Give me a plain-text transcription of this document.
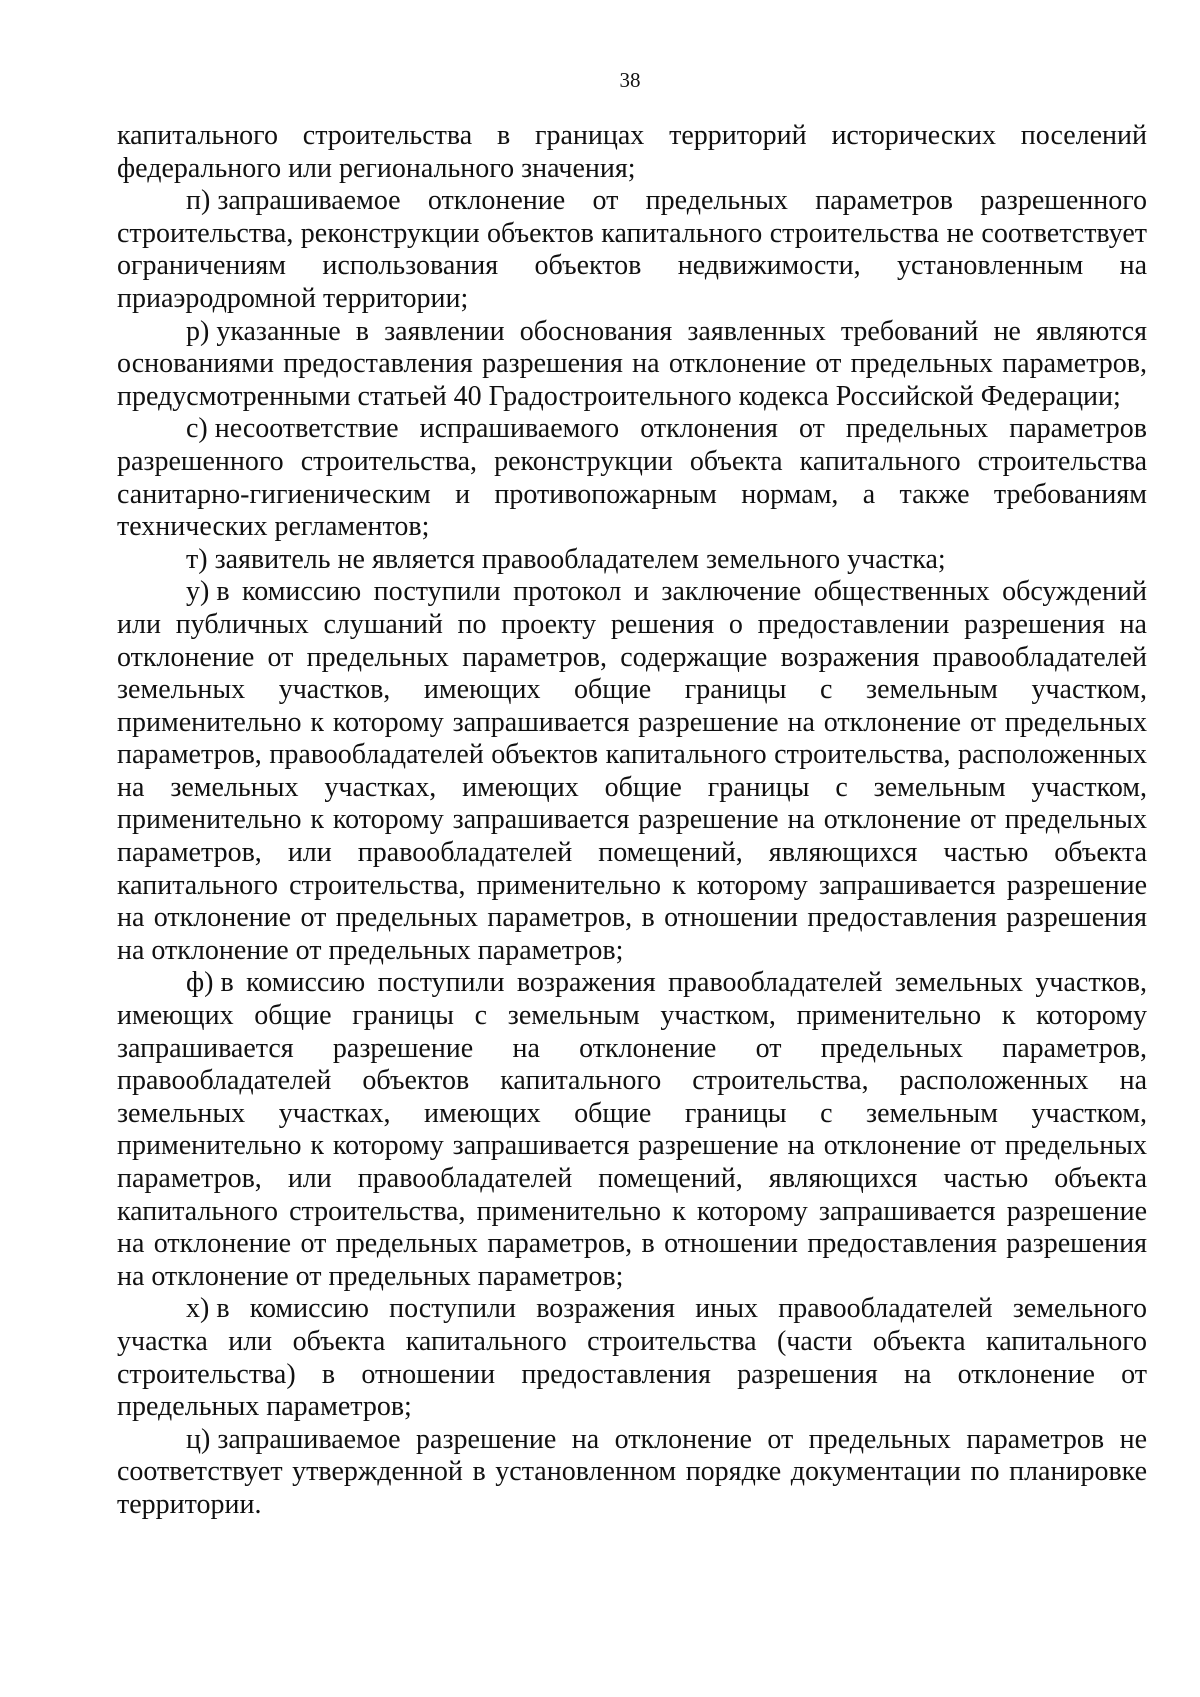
38

капитального строительства в границах территорий исторических поселений федерального или регионального значения;

п) запрашиваемое отклонение от предельных параметров разрешенного строительства, реконструкции объектов капитального строительства не соответствует ограничениям использования объектов недвижимости, установленным на приаэродромной территории;

р) указанные в заявлении обоснования заявленных требований не являются основаниями предоставления разрешения на отклонение от предельных параметров, предусмотренными статьей 40 Градостроительного кодекса Российской Федерации;

с) несоответствие испрашиваемого отклонения от предельных параметров разрешенного строительства, реконструкции объекта капитального строительства санитарно-гигиеническим и противопожарным нормам, а также требованиям технических регламентов;

т) заявитель не является правообладателем земельного участка;

у) в комиссию поступили протокол и заключение общественных обсуждений или публичных слушаний по проекту решения о предоставлении разрешения на отклонение от предельных параметров, содержащие возражения правообладателей земельных участков, имеющих общие границы с земельным участком, применительно к которому запрашивается разрешение на отклонение от предельных параметров, правообладателей объектов капитального строительства, расположенных на земельных участках, имеющих общие границы с земельным участком, применительно к которому запрашивается разрешение на отклонение от предельных параметров, или правообладателей помещений, являющихся частью объекта капитального строительства, применительно к которому запрашивается разрешение на отклонение от предельных параметров, в отношении предоставления разрешения на отклонение от предельных параметров;

ф) в комиссию поступили возражения правообладателей земельных участков, имеющих общие границы с земельным участком, применительно к которому запрашивается разрешение на отклонение от предельных параметров, правообладателей объектов капитального строительства, расположенных на земельных участках, имеющих общие границы с земельным участком, применительно к которому запрашивается разрешение на отклонение от предельных параметров, или правообладателей помещений, являющихся частью объекта капитального строительства, применительно к которому запрашивается разрешение на отклонение от предельных параметров, в отношении предоставления разрешения на отклонение от предельных параметров;

х) в комиссию поступили возражения иных правообладателей земельного участка или объекта капитального строительства (части объекта капитального строительства) в отношении предоставления разрешения на отклонение от предельных параметров;

ц) запрашиваемое разрешение на отклонение от предельных параметров не соответствует утвержденной в установленном порядке документации по планировке территории.
